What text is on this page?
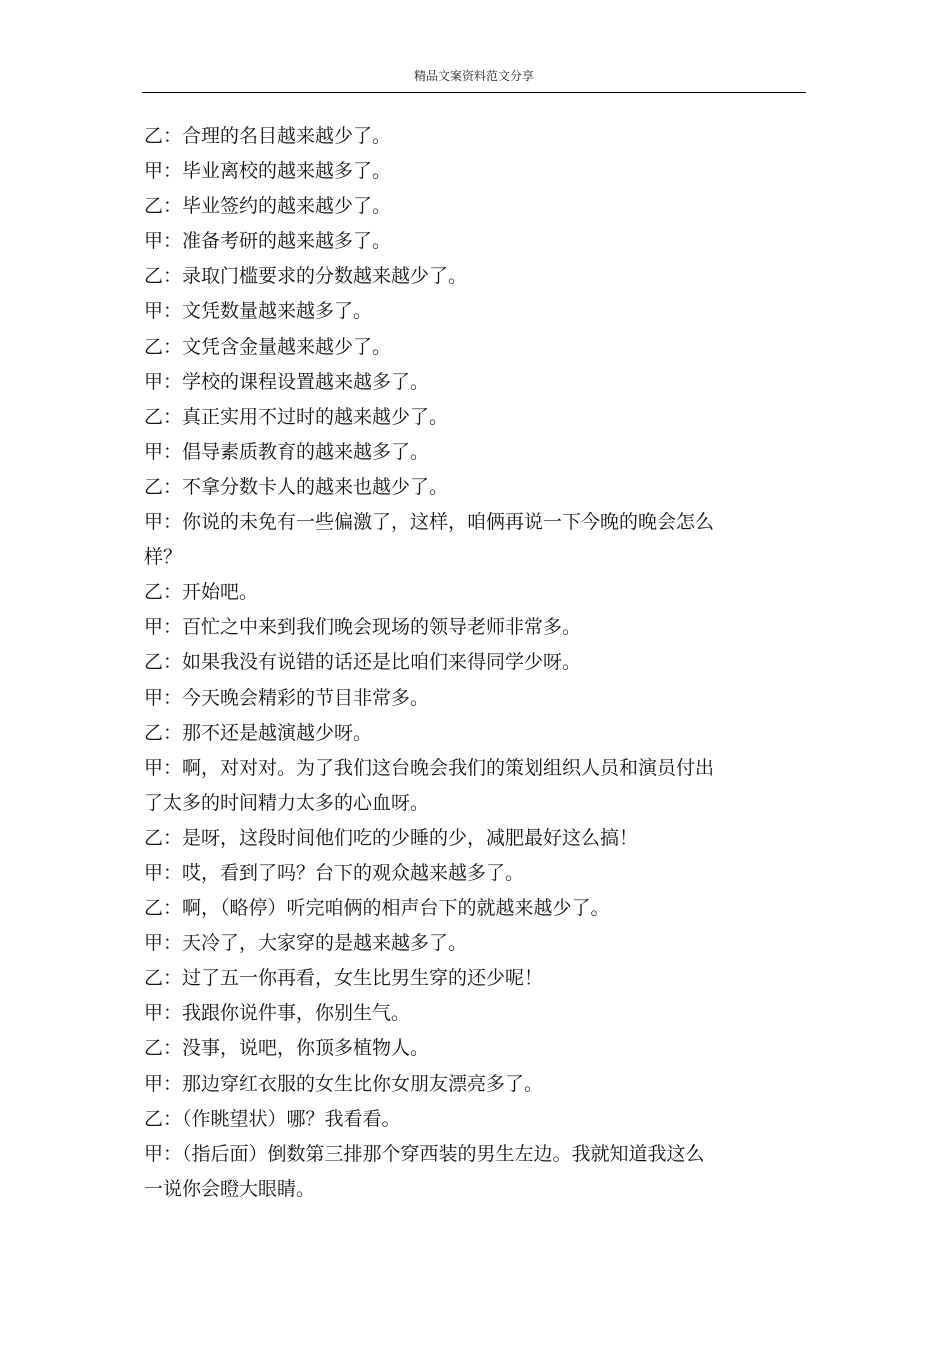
精品文案资料范文分享
乙：合理的名目越来越少了。
甲：毕业离校的越来越多了。
乙：毕业签约的越来越少了。
甲：准备考研的越来越多了。
乙：录取门槛要求的分数越来越少了。
甲：文凭数量越来越多了。
乙：文凭含金量越来越少了。
甲：学校的课程设置越来越多了。
乙：真正实用不过时的越来越少了。
甲：倡导素质教育的越来越多了。
乙：不拿分数卡人的越来也越少了。
甲：你说的未免有一些偏激了，这样，咱俩再说一下今晚的晚会怎么
样？
乙：开始吧。
甲：百忙之中来到我们晚会现场的领导老师非常多。
乙：如果我没有说错的话还是比咱们来得同学少呀。
甲：今天晚会精彩的节目非常多。
乙：那不还是越演越少呀。
甲：啊，对对对。为了我们这台晚会我们的策划组织人员和演员付出
了太多的时间精力太多的心血呀。
乙：是呀，这段时间他们吃的少睡的少，减肥最好这么搞！
甲：哎，看到了吗？台下的观众越来越多了。
乙：啊，（略停）听完咱俩的相声台下的就越来越少了。
甲：天冷了，大家穿的是越来越多了。
乙：过了五一你再看，女生比男生穿的还少呢！
甲：我跟你说件事，你别生气。
乙：没事，说吧，你顶多植物人。
甲：那边穿红衣服的女生比你女朋友漂亮多了。
乙：（作眺望状）哪？我看看。
甲：（指后面）倒数第三排那个穿西装的男生左边。我就知道我这么
一说你会瞪大眼睛。
